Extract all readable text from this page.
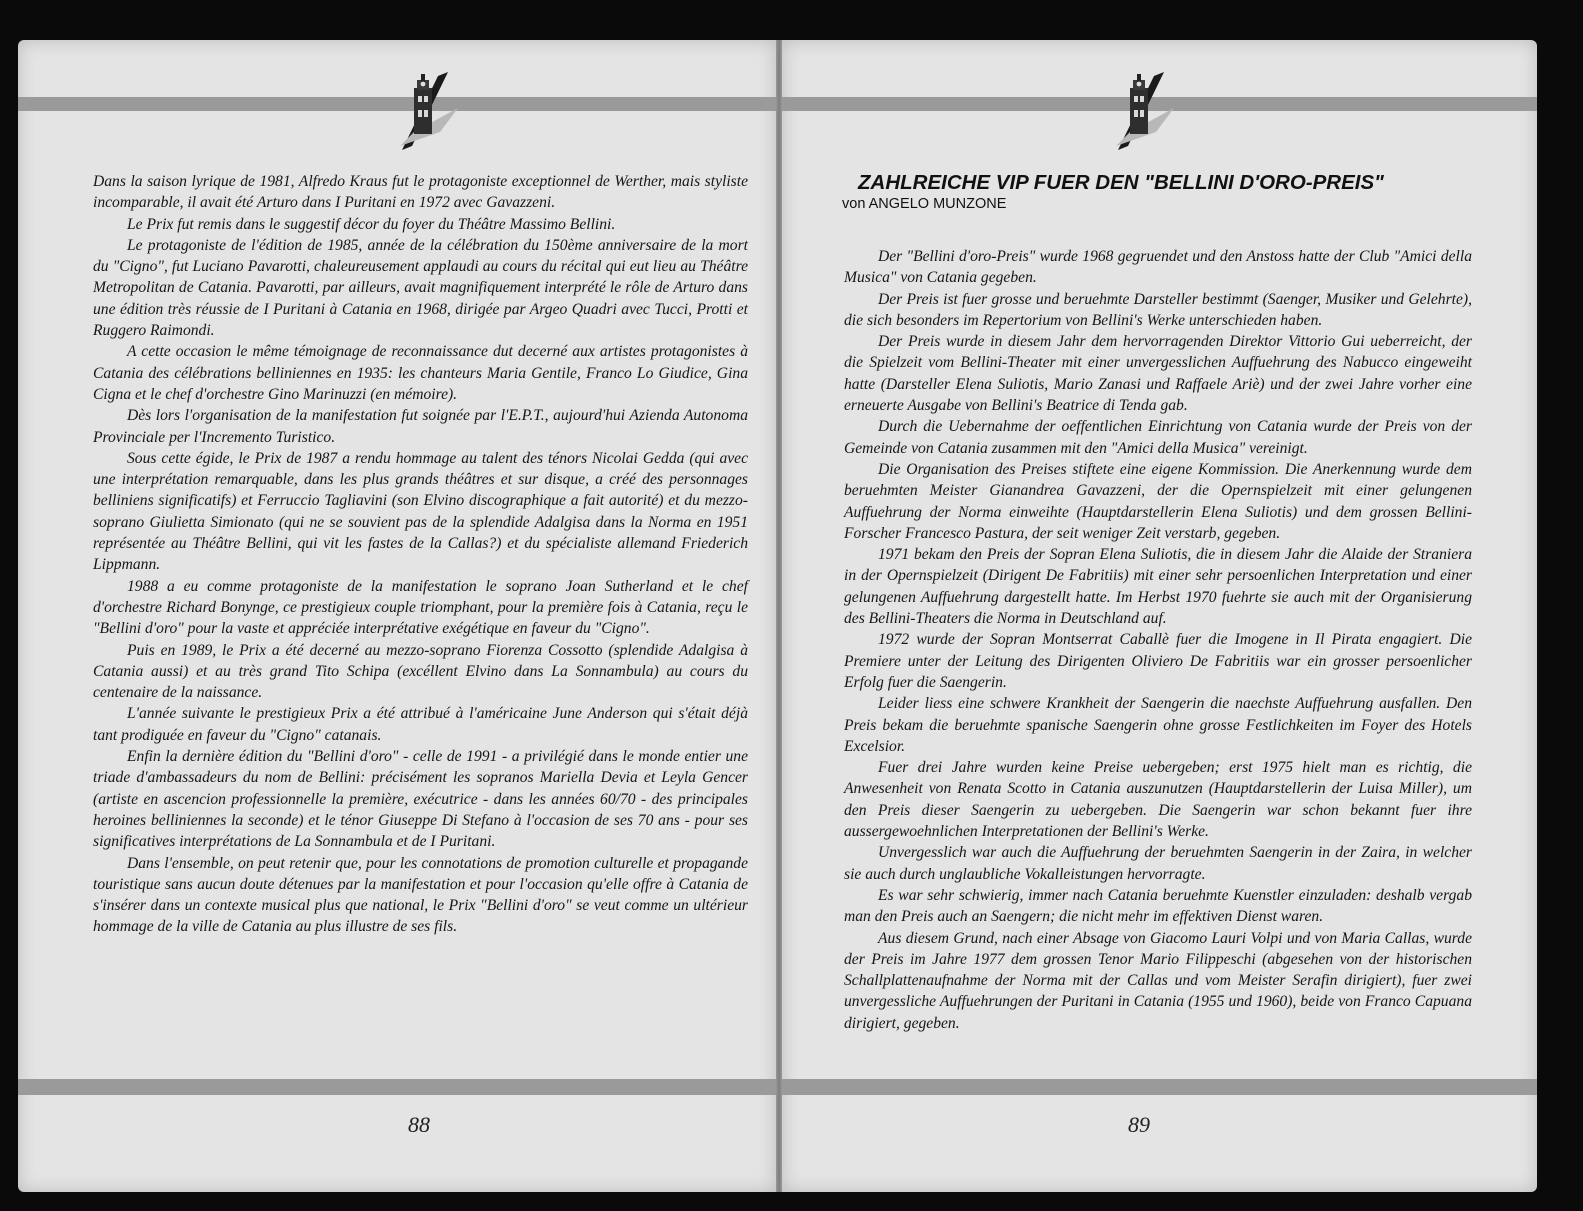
Dans la saison lyrique de 1981, Alfredo Kraus fut le protagoniste exceptionnel de Werther, mais styliste incomparable, il avait été Arturo dans I Puritani en 1972 avec Gavazzeni.

Le Prix fut remis dans le suggestif décor du foyer du Théâtre Massimo Bellini.

Le protagoniste de l'édition de 1985, année de la célébration du 150ème anniversaire de la mort du "Cigno", fut Luciano Pavarotti, chaleureusement applaudi au cours du récital qui eut lieu au Théâtre Metropolitan de Catania. Pavarotti, par ailleurs, avait magnifiquement interprété le rôle de Arturo dans une édition très réussie de I Puritani à Catania en 1968, dirigée par Argeo Quadri avec Tucci, Protti et Ruggero Raimondi.

A cette occasion le même témoignage de reconnaissance dut decerné aux artistes protagonistes à Catania des célébrations belliniennes en 1935: les chanteurs Maria Gentile, Franco Lo Giudice, Gina Cigna et le chef d'orchestre Gino Marinuzzi (en mémoire).

Dès lors l'organisation de la manifestation fut soignée par l'E.P.T., aujourd'hui Azienda Autonoma Provinciale per l'Incremento Turistico.

Sous cette égide, le Prix de 1987 a rendu hommage au talent des ténors Nicolai Gedda (qui avec une interprétation remarquable, dans les plus grands théâtres et sur disque, a créé des personnages belliniens significatifs) et Ferruccio Tagliavini (son Elvino discographique a fait autorité) et du mezzo-soprano Giulietta Simionato (qui ne se souvient pas de la splendide Adalgisa dans la Norma en 1951 représentée au Théâtre Bellini, qui vit les fastes de la Callas?) et du spécialiste allemand Friederich Lippmann.

1988 a eu comme protagoniste de la manifestation le soprano Joan Sutherland et le chef d'orchestre Richard Bonynge, ce prestigieux couple triomphant, pour la première fois à Catania, reçu le "Bellini d'oro" pour la vaste et appréciée interprétative exégétique en faveur du "Cigno".

Puis en 1989, le Prix a été decerné au mezzo-soprano Fiorenza Cossotto (splendide Adalgisa à Catania aussi) et au très grand Tito Schipa (excéllent Elvino dans La Sonnambula) au cours du centenaire de la naissance.

L'année suivante le prestigieux Prix a été attribué à l'américaine June Anderson qui s'était déjà tant prodiguée en faveur du "Cigno" catanais.

Enfin la dernière édition du "Bellini d'oro" - celle de 1991 - a privilégié dans le monde entier une triade d'ambassadeurs du nom de Bellini: précisément les sopranos Mariella Devia et Leyla Gencer (artiste en ascencion professionnelle la première, exécutrice - dans les années 60/70 - des principales heroines belliniennes la seconde) et le ténor Giuseppe Di Stefano à l'occasion de ses 70 ans - pour ses significatives interprétations de La Sonnambula et de I Puritani.

Dans l'ensemble, on peut retenir que, pour les connotations de promotion culturelle et propagande touristique sans aucun doute détenues par la manifestation et pour l'occasion qu'elle offre à Catania de s'insérer dans un contexte musical plus que national, le Prix "Bellini d'oro" se veut comme un ultérieur hommage de la ville de Catania au plus illustre de ses fils.

88
ZAHLREICHE VIP FUER DEN "BELLINI D'ORO-PREIS"
von ANGELO MUNZONE

Der "Bellini d'oro-Preis" wurde 1968 gegruendet und den Anstoss hatte der Club "Amici della Musica" von Catania gegeben.

Der Preis ist fuer grosse und beruehmte Darsteller bestimmt (Saenger, Musiker und Gelehrte), die sich besonders im Repertorium von Bellini's Werke unterschieden haben.

Der Preis wurde in diesem Jahr dem hervorragenden Direktor Vittorio Gui ueberreicht, der die Spielzeit vom Bellini-Theater mit einer unvergesslichen Auffuehrung des Nabucco eingeweiht hatte (Darsteller Elena Suliotis, Mario Zanasi und Raffaele Ariè) und der zwei Jahre vorher eine erneuerte Ausgabe von Bellini's Beatrice di Tenda gab.

Durch die Uebernahme der oeffentlichen Einrichtung von Catania wurde der Preis von der Gemeinde von Catania zusammen mit den "Amici della Musica" vereinigt.

Die Organisation des Preises stiftete eine eigene Kommission. Die Anerkennung wurde dem beruehmten Meister Gianandrea Gavazzeni, der die Opernspielzeit mit einer gelungenen Auffuehrung der Norma einweihte (Hauptdarstellerin Elena Suliotis) und dem grossen Bellini-Forscher Francesco Pastura, der seit weniger Zeit verstarb, gegeben.

1971 bekam den Preis der Sopran Elena Suliotis, die in diesem Jahr die Alaide der Straniera in der Opernspielzeit (Dirigent De Fabritiis) mit einer sehr persoenlichen Interpretation und einer gelungenen Auffuehrung dargestellt hatte. Im Herbst 1970 fuehrte sie auch mit der Organisierung des Bellini-Theaters die Norma in Deutschland auf.

1972 wurde der Sopran Montserrat Caballè fuer die Imogene in Il Pirata engagiert. Die Premiere unter der Leitung des Dirigenten Oliviero De Fabritiis war ein grosser persoenlicher Erfolg fuer die Saengerin.

Leider liess eine schwere Krankheit der Saengerin die naechste Auffuehrung ausfallen. Den Preis bekam die beruehmte spanische Saengerin ohne grosse Festlichkeiten im Foyer des Hotels Excelsior.

Fuer drei Jahre wurden keine Preise uebergeben; erst 1975 hielt man es richtig, die Anwesenheit von Renata Scotto in Catania auszunutzen (Hauptdarstellerin der Luisa Miller), um den Preis dieser Saengerin zu uebergeben. Die Saengerin war schon bekannt fuer ihre aussergewoehnlichen Interpretationen der Bellini's Werke.

Unvergesslich war auch die Auffuehrung der beruehmten Saengerin in der Zaira, in welcher sie auch durch unglaubliche Vokalleistungen hervorragte.

Es war sehr schwierig, immer nach Catania beruehmte Kuenstler einzuladen: deshalb vergab man den Preis auch an Saengern; die nicht mehr im effektiven Dienst waren.

Aus diesem Grund, nach einer Absage von Giacomo Lauri Volpi und von Maria Callas, wurde der Preis im Jahre 1977 dem grossen Tenor Mario Filippeschi (abgesehen von der historischen Schallplattenaufnahme der Norma mit der Callas und vom Meister Serafin dirigiert), fuer zwei unvergessliche Auffuehrungen der Puritani in Catania (1955 und 1960), beide von Franco Capuana dirigiert, gegeben.

89
